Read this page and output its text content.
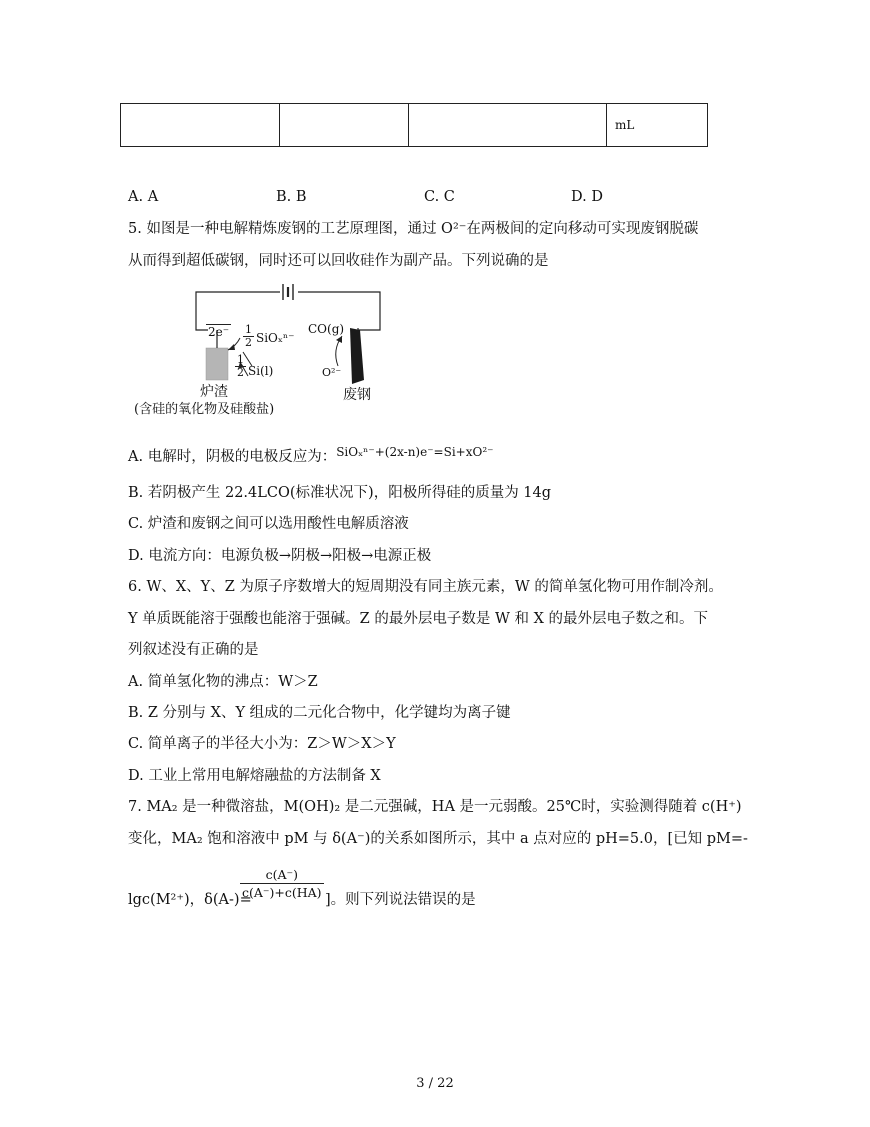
			mL
A. A	B. B	C. C	D. D
5. 如图是一种电解精炼废钢的工艺原理图，通过 O²⁻在两极间的定向移动可实现废钢脱碳
从而得到超低碳钢，同时还可以回收硅作为副产品。下列说确的是
$2e^- \frac{1}{2} SiO_x^{n-}$
$\frac{1}{2} Si(l)$
CO(g)
O²⁻
炉渣
(含硅的氧化物及硅酸盐)
废钢
A. 电解时，阴极的电极反应为：$^{SiO_x^{n-}+(2x-n)e^-=Si+xO^{2-}}$
B. 若阴极产生 22.4LCO(标准状况下)，阳极所得硅的质量为 14g
C. 炉渣和废钢之间可以选用酸性电解质溶液
D. 电流方向：电源负极→阴极→阳极→电源正极
6. W、X、Y、Z 为原子序数增大的短周期没有同主族元素，W 的简单氢化物可用作制冷剂。
Y 单质既能溶于强酸也能溶于强碱。Z 的最外层电子数是 W 和 X 的最外层电子数之和。下
列叙述没有正确的是
A. 简单氢化物的沸点：W＞Z
B. Z 分别与 X、Y 组成的二元化合物中，化学键均为离子键
C. 简单离子的半径大小为：Z＞W＞X＞Y
D. 工业上常用电解熔融盐的方法制备 X
7. MA₂ 是一种微溶盐，M(OH)₂ 是二元强碱，HA 是一元弱酸。25℃时，实验测得随着 c(H⁺)
变化，MA₂ 饱和溶液中 pM 与 δ(A⁻)的关系如图所示，其中 a 点对应的 pH=5.0，[已知 pM=-
lgc(M²⁺)，δ(A-)=
$\frac{c(A^-)}{c(A^-)+c(HA)}$ ]。则下列说法错误的是
3 / 22
